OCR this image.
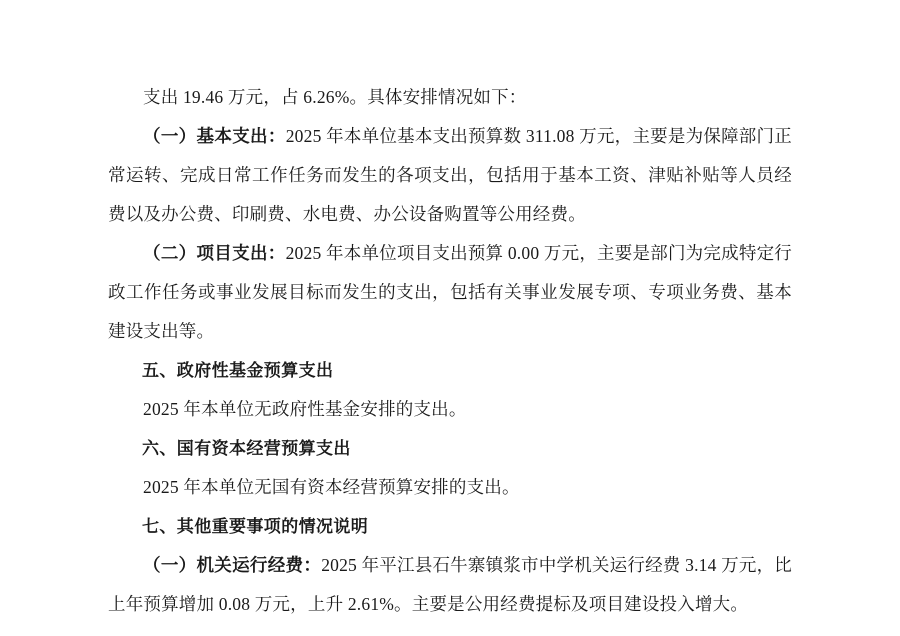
支出 19.46 万元，占 6.26%。具体安排情况如下：

（一）基本支出：2025 年本单位基本支出预算数 311.08 万元，主要是为保障部门正常运转、完成日常工作任务而发生的各项支出，包括用于基本工资、津贴补贴等人员经费以及办公费、印刷费、水电费、办公设备购置等公用经费。

（二）项目支出：2025 年本单位项目支出预算 0.00 万元，主要是部门为完成特定行政工作任务或事业发展目标而发生的支出，包括有关事业发展专项、专项业务费、基本建设支出等。

五、政府性基金预算支出

2025 年本单位无政府性基金安排的支出。

六、国有资本经营预算支出

2025 年本单位无国有资本经营预算安排的支出。

七、其他重要事项的情况说明

（一）机关运行经费：2025 年平江县石牛寨镇浆市中学机关运行经费 3.14 万元，比上年预算增加 0.08 万元，上升 2.61%。主要是公用经费提标及项目建设投入增大。
